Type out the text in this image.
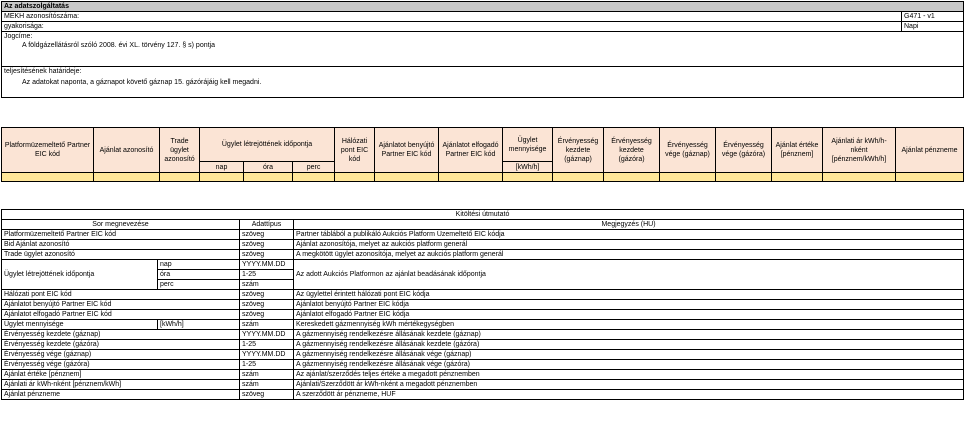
Az adatszolgáltatás	
MEKH azonosítószáma:	G471 - v1
gyakorisága:	Napi

Jogcíme:
A földgázellátásról szóló 2008. évi XL. törvény 127. § s) pontja	

teljesítésének határideje:
Az adatokat naponta, a gáznapot követő gáznap 15. gázórájáig kell megadni.	
Platformüzemeltető Partner EIC kód	Ajánlat azonosító	Trade ügylet azonosító	Ügylet létrejöttének időpontja			Hálózati pont EIC kód	Ajánlatot benyújtó Partner EIC kód	Ajánlatot elfogadó Partner EIC kód	Ügylet mennyisége	Érvényesség kezdete (gáznap)	Érvényesség kezdete (gázóra)	Érvényesség vége (gáznap)	Érvényesség vége (gázóra)	Ajánlat értéke [pénznem]	Ajánlati ár kWh/h-nként [pénznem/kWh/h]	Ajánlat pénzneme
			nap	óra	perc				[kWh/h]							

Kitöltési útmutató			
Sor megnevezése		Adattípus	Megjegyzés (HU)
Platformüzemeltető Partner EIC kód		szöveg	Partner táblából a publikáló Aukciós Platform Üzemeltető EIC kódja
Bid Ajánlat azonosító		szöveg	Ajánlat azonosítója, melyet az aukciós platform generál
Trade ügylet azonosító		szöveg	A megkötött ügylet azonosítója, melyet az aukciós platform generál
Ügylet létrejöttének időpontja	nap	YYYY.MM.DD	Az adott Aukciós Platformon az ajánlat beadásának időpontja
	óra	1-25	
	perc	szám	
Hálózati pont EIC kód		szöveg	Az ügylettel érintett hálózati pont EIC kódja
Ajánlatot benyújtó Partner EIC kód		szöveg	Ajánlatot benyújtó Partner EIC kódja
Ajánlatot elfogadó Partner EIC kód		szöveg	Ajánlatot elfogadó Partner EIC kódja
Ügylet mennyisége	[kWh/h]	szám	Kereskedett gázmennyiség kWh mértékegységben
Érvényesség kezdete (gáznap)		YYYY.MM.DD	A gázmennyiség rendelkezésre állásának kezdete (gáznap)
Érvényesség kezdete (gázóra)		1-25	A gázmennyiség rendelkezésre állásának kezdete (gázóra)
Érvényesség vége (gáznap)		YYYY.MM.DD	A gázmennyiség rendelkezésre állásának vége (gáznap)
Érvényesség vége (gázóra)		1-25	A gázmennyiség rendelkezésre állásának vége (gázóra)
Ajánlat értéke [pénznem]		szám	Az ajánlat/szerződés teljes értéke a megadott pénznemben
Ajánlati ár kWh-nként [pénznem/kWh]		szám	Ajánlati/Szerződött ár kWh-nként a megadott pénznemben
Ajánlat pénzneme		szöveg	A szerződött ár pénzneme, HUF
